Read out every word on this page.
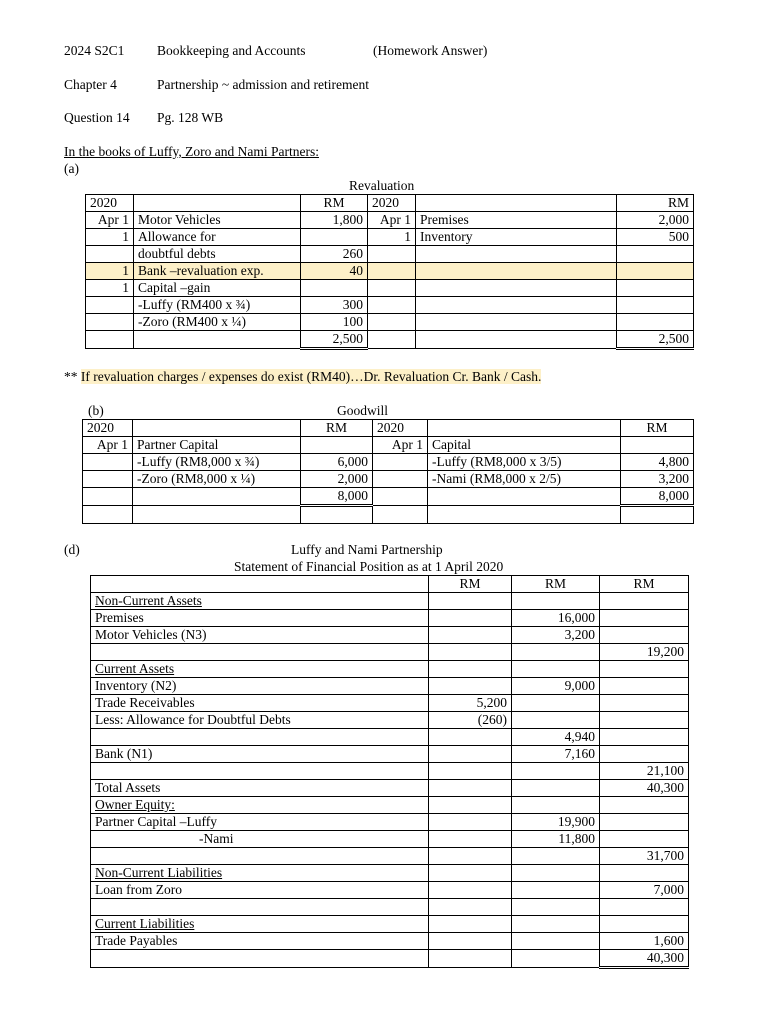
2024 S2C1 Bookkeeping and Accounts	(Homework Answer)
Chapter 4	Partnership ~ admission and retirement
Question 14 Pg. 128 WB
In the books of Luffy, Zoro and Nami Partners:
(a)
Revaluation
2020		RM	2020		RM
Apr 1	Motor Vehicles	1,800	Apr 1	Premises	2,000
1	Allowance for		1	Inventory	500
	doubtful debts	260			
1	Bank –revaluation exp.	40			
1	Capital –gain				
	-Luffy (RM400 x ¾)	300			
	-Zoro (RM400 x ¼)	100			
		2,500			2,500
** If revaluation charges / expenses do exist (RM40)…Dr. Revaluation Cr. Bank / Cash.
(b)	Goodwill
2020		RM	2020		RM
Apr 1	Partner Capital		Apr 1	Capital	
	-Luffy (RM8,000 x ¾)	6,000		-Luffy (RM8,000 x 3/5)	4,800
	-Zoro (RM8,000 x ¼)	2,000		-Nami (RM8,000 x 2/5)	3,200
		8,000			8,000

(d)	Luffy and Nami Partnership
Statement of Financial Position as at 1 April 2020
	RM	RM	RM
Non-Current Assets			
Premises		16,000	
Motor Vehicles (N3)		3,200	
			19,200
Current Assets			
Inventory (N2)		9,000	
Trade Receivables	5,200		
Less: Allowance for Doubtful Debts	(260)		
		4,940	
Bank (N1)		7,160	
			21,100
Total Assets			40,300
Owner Equity:			
Partner Capital –Luffy		19,900	
-Nami		11,800	
			31,700
Non-Current Liabilities			
Loan from Zoro			7,000

Current Liabilities			
Trade Payables			1,600
			40,300
